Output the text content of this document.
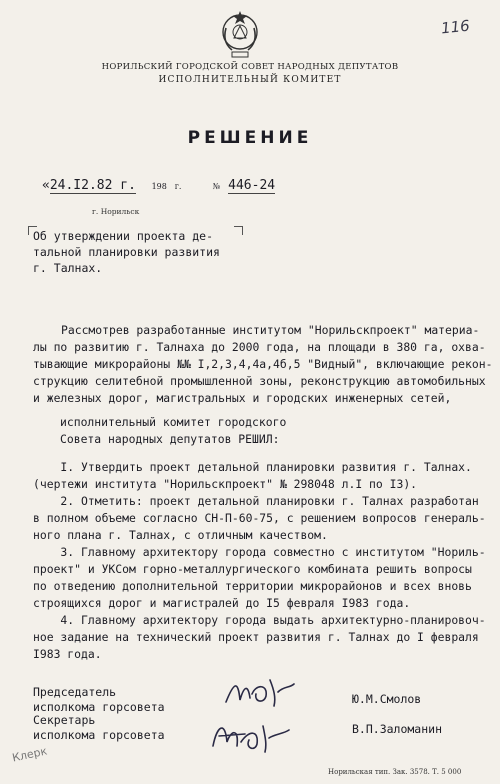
116
НОРИЛЬСКИЙ ГОРОДСКОЙ СОВЕТ НАРОДНЫХ ДЕПУТАТОВ
ИСПОЛНИТЕЛЬНЫЙ КОМИТЕТ
РЕШЕНИЕ
«24.I2.82 г. 198 г.	№ 446-24
г. Норильск
Об утверждении проекта де-
тальной планировки развития
г. Талнах.
Рассмотрев разработанные институтом "Норильскпроект" материа-
лы по развитию г. Талнаха до 2000 года, на площади в 380 га, охва-
тывающие микрорайоны №№ I,2,3,4,4а,4б,5 "Видный", включающие рекон-
струкцию селитебной промышленной зоны, реконструкцию автомобильных
и железных дорог, магистральных и городских инженерных сетей,
исполнительный комитет городского
Совета народных депутатов РЕШИЛ:
I. Утвердить проект детальной планировки развития г. Талнах.
(чертежи института "Норильскпроект" № 298048 л.I по I3).
2. Отметить: проект детальной планировки г. Талнах разработан
в полном объеме согласно СН-П-60-75, с решением вопросов генераль-
ного плана г. Талнах, с отличным качеством.
3. Главному архитектору города совместно с институтом "Нориль-
проект" и УКСом горно-металлургического комбината решить вопросы
по отведению дополнительной территории микрорайонов и всех вновь
строящихся дорог и магистралей до I5 февраля I983 года.
4. Главному архитектору города выдать архитектурно-планировоч-
ное задание на технический проект развития г. Талнах до I февраля
I983 года.
Председатель
исполкома горсовета
Ю.М.Смолов
Секретарь
исполкома горсовета	В.П.Заломанин
Клерк
Норильская тип. Зак. 3578. Т. 5 000
